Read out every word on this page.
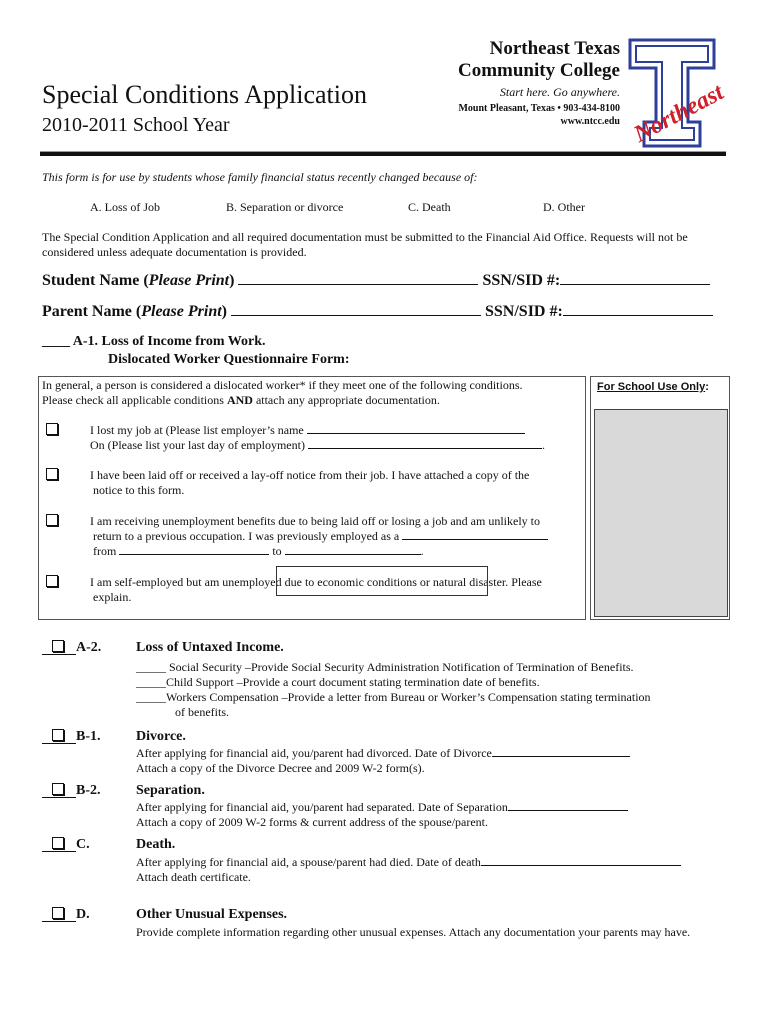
Special Conditions Application
2010-2011 School Year
Northeast Texas
Community College
Start here. Go anywhere.
Mount Pleasant, Texas • 903-434-8100
www.ntcc.edu Northeast
This form is for use by students whose family financial status recently changed because of:
A. Loss of Job	B. Separation or divorce	C. Death	D. Other
The Special Condition Application and all required documentation must be submitted to the Financial Aid Office. Requests will not be considered unless adequate documentation is provided.
Student Name (Please Print)	SSN/SID #:
Parent Name (Please Print)	SSN/SID #:
____ A-1. Loss of Income from Work.
Dislocated Worker Questionnaire Form:
In general, a person is considered a dislocated worker* if they meet one of the following conditions.
Please check all applicable conditions AND attach any appropriate documentation.
I lost my job at (Please list employer’s name
On (Please list your last day of employment)	.
I have been laid off or received a lay-off notice from their job. I have attached a copy of the
notice to this form.
I am receiving unemployment benefits due to being laid off or losing a job and am unlikely to
return to a previous occupation. I was previously employed as a
from	to	.
I am self-employed but am unemployed due to economic conditions or natural disaster. Please
explain.
For School Use Only:
A-2. Loss of Untaxed Income.
_____ Social Security –Provide Social Security Administration Notification of Termination of Benefits.
_____Child Support –Provide a court document stating termination date of benefits.
_____Workers Compensation –Provide a letter from Bureau or Worker’s Compensation stating termination
of benefits.
B-1.	Divorce.
After applying for financial aid, you/parent had divorced. Date of Divorce
Attach a copy of the Divorce Decree and 2009 W-2 form(s).
B-2.	Separation.
After applying for financial aid, you/parent had separated. Date of Separation
Attach a copy of 2009 W-2 forms & current address of the spouse/parent.
C.	Death.
After applying for financial aid, a spouse/parent had died. Date of death
Attach death certificate.
D.	Other Unusual Expenses.
Provide complete information regarding other unusual expenses. Attach any documentation your parents may have.
